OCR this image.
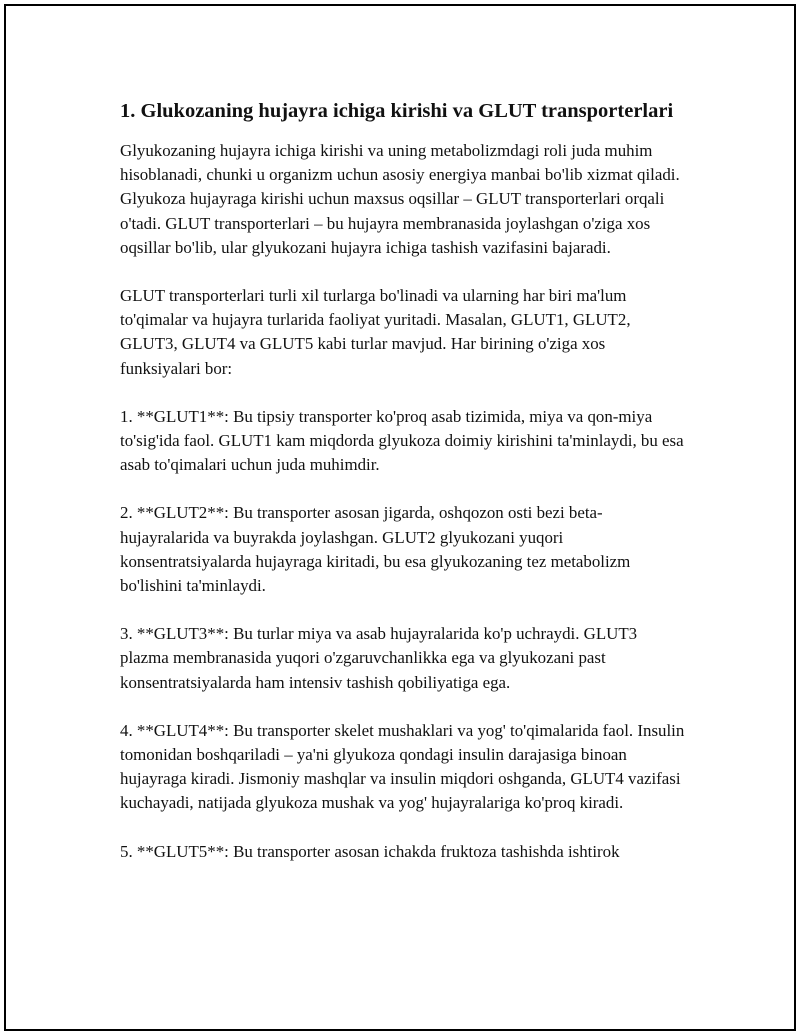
1. Glukozaning hujayra ichiga kirishi va GLUT transporterlari

Glyukozaning hujayra ichiga kirishi va uning metabolizmdagi roli juda muhim hisoblanadi, chunki u organizm uchun asosiy energiya manbai bo'lib xizmat qiladi. Glyukoza hujayraga kirishi uchun maxsus oqsillar – GLUT transporterlari orqali o'tadi. GLUT transporterlari – bu hujayra membranasida joylashgan o'ziga xos oqsillar bo'lib, ular glyukozani hujayra ichiga tashish vazifasini bajaradi.

GLUT transporterlari turli xil turlarga bo'linadi va ularning har biri ma'lum to'qimalar va hujayra turlarida faoliyat yuritadi. Masalan, GLUT1, GLUT2, GLUT3, GLUT4 va GLUT5 kabi turlar mavjud. Har birining o'ziga xos funksiyalari bor:

1. **GLUT1**: Bu tipsiy transporter ko'proq asab tizimida, miya va qon-miya to'sig'ida faol. GLUT1 kam miqdorda glyukoza doimiy kirishini ta'minlaydi, bu esa asab to'qimalari uchun juda muhimdir.

2. **GLUT2**: Bu transporter asosan jigarda, oshqozon osti bezi beta-hujayralarida va buyrakda joylashgan. GLUT2 glyukozani yuqori konsentratsiyalarda hujayraga kiritadi, bu esa glyukozaning tez metabolizm bo'lishini ta'minlaydi.

3. **GLUT3**: Bu turlar miya va asab hujayralarida ko'p uchraydi. GLUT3 plazma membranasida yuqori o'zgaruvchanlikka ega va glyukozani past konsentratsiyalarda ham intensiv tashish qobiliyatiga ega.

4. **GLUT4**: Bu transporter skelet mushaklari va yog' to'qimalarida faol. Insulin tomonidan boshqariladi – ya'ni glyukoza qondagi insulin darajasiga binoan hujayraga kiradi. Jismoniy mashqlar va insulin miqdori oshganda, GLUT4 vazifasi kuchayadi, natijada glyukoza mushak va yog' hujayralariga ko'proq kiradi.

5. **GLUT5**: Bu transporter asosan ichakda fruktoza tashishda ishtirok
